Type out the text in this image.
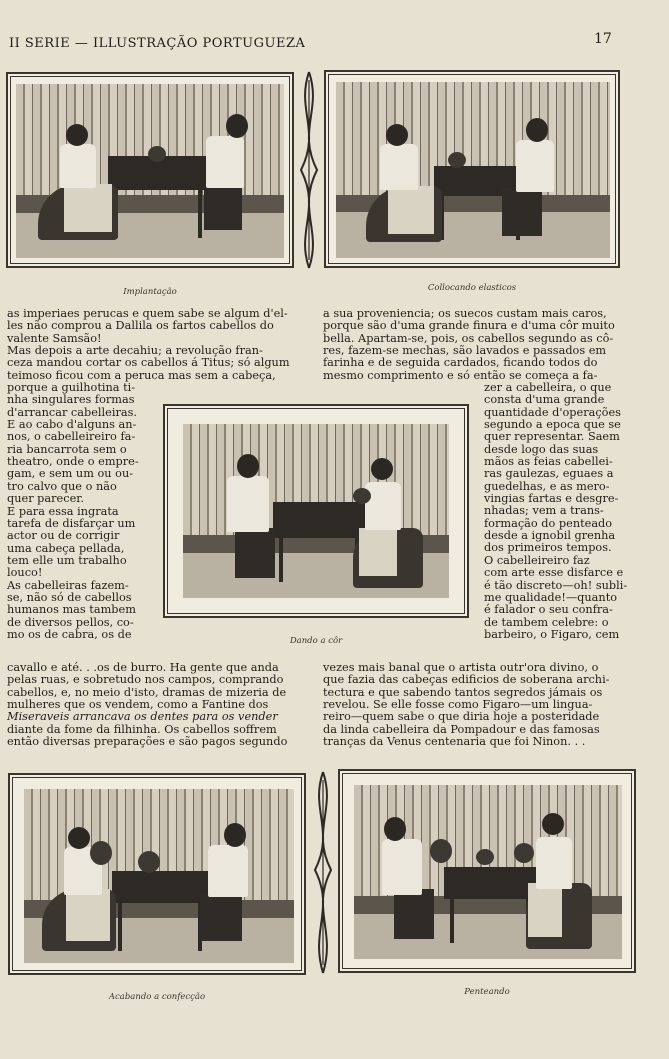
II SERIE — ILLUSTRAÇÃO PORTUGUEZA	17
Implantação	Collocando elasticos
as imperiaes perucas e quem sabe se algum d'el-
les não comprou a Dallila os fartos cabellos do
valente Samsão!
Mas depois a arte decahiu; a revolução fran-
ceza mandou cortar os cabellos á Titus; só algum
teimoso ficou com a peruca mas sem a cabeça,
porque a guilhotina ti-
nha singulares formas
d'arrancar cabelleiras.
E ao cabo d'alguns an-
nos, o cabelleireiro fa-
ria bancarrota sem o
theatro, onde o empre-
gam, e sem um ou ou-
tro calvo que o não
quer parecer.
E para essa ingrata
tarefa de disfarçar um
actor ou de corrigir
uma cabeça pellada,
tem elle um trabalho
louco!
As cabelleiras fazem-
se, não só de cabellos
humanos mas tambem
de diversos pellos, co-
mo os de cabra, os de
a sua proveniencia; os suecos custam mais caros,
porque são d'uma grande finura e d'uma côr muito
bella. Apartam-se, pois, os cabellos segundo as cô-
res, fazem-se mechas, são lavados e passados em
farinha e de seguida cardados, ficando todos do
mesmo comprimento e só então se começa a fa-
Dando a côr
zer a cabelleira, o que
consta d'uma grande
quantidade d'operações
segundo a epoca que se
quer representar. Saem
desde logo das suas
mãos as feias cabellei-
ras gaulezas, eguaes a
guedelhas, e as mero-
vingias fartas e desgre-
nhadas; vem a trans-
formação do penteado
desde a ignobil grenha
dos primeiros tempos.
O cabelleireiro faz
com arte esse disfarce e
é tão discreto—oh! subli-
me qualidade!—quanto
é falador o seu confra-
de tambem celebre: o
barbeiro, o Figaro, cem
cavallo e até. . .os de burro. Ha gente que anda
pelas ruas, e sobretudo nos campos, comprando
cabellos, e, no meio d'isto, dramas de mizeria de
mulheres que os vendem, como a Fantine dos
Miseraveis arrancava os dentes para os vender
diante da fome da filhinha. Os cabellos soffrem
então diversas preparações e são pagos segundo
vezes mais banal que o artista outr'ora divino, o
que fazia das cabeças edificios de soberana archi-
tectura e que sabendo tantos segredos jámais os
revelou. Se elle fosse como Figaro—um lingua-
reiro—quem sabe o que diria hoje a posteridade
da linda cabelleira da Pompadour e das famosas
tranças da Venus centenaria que foi Ninon. . .
Acabando a confecção	Penteando
